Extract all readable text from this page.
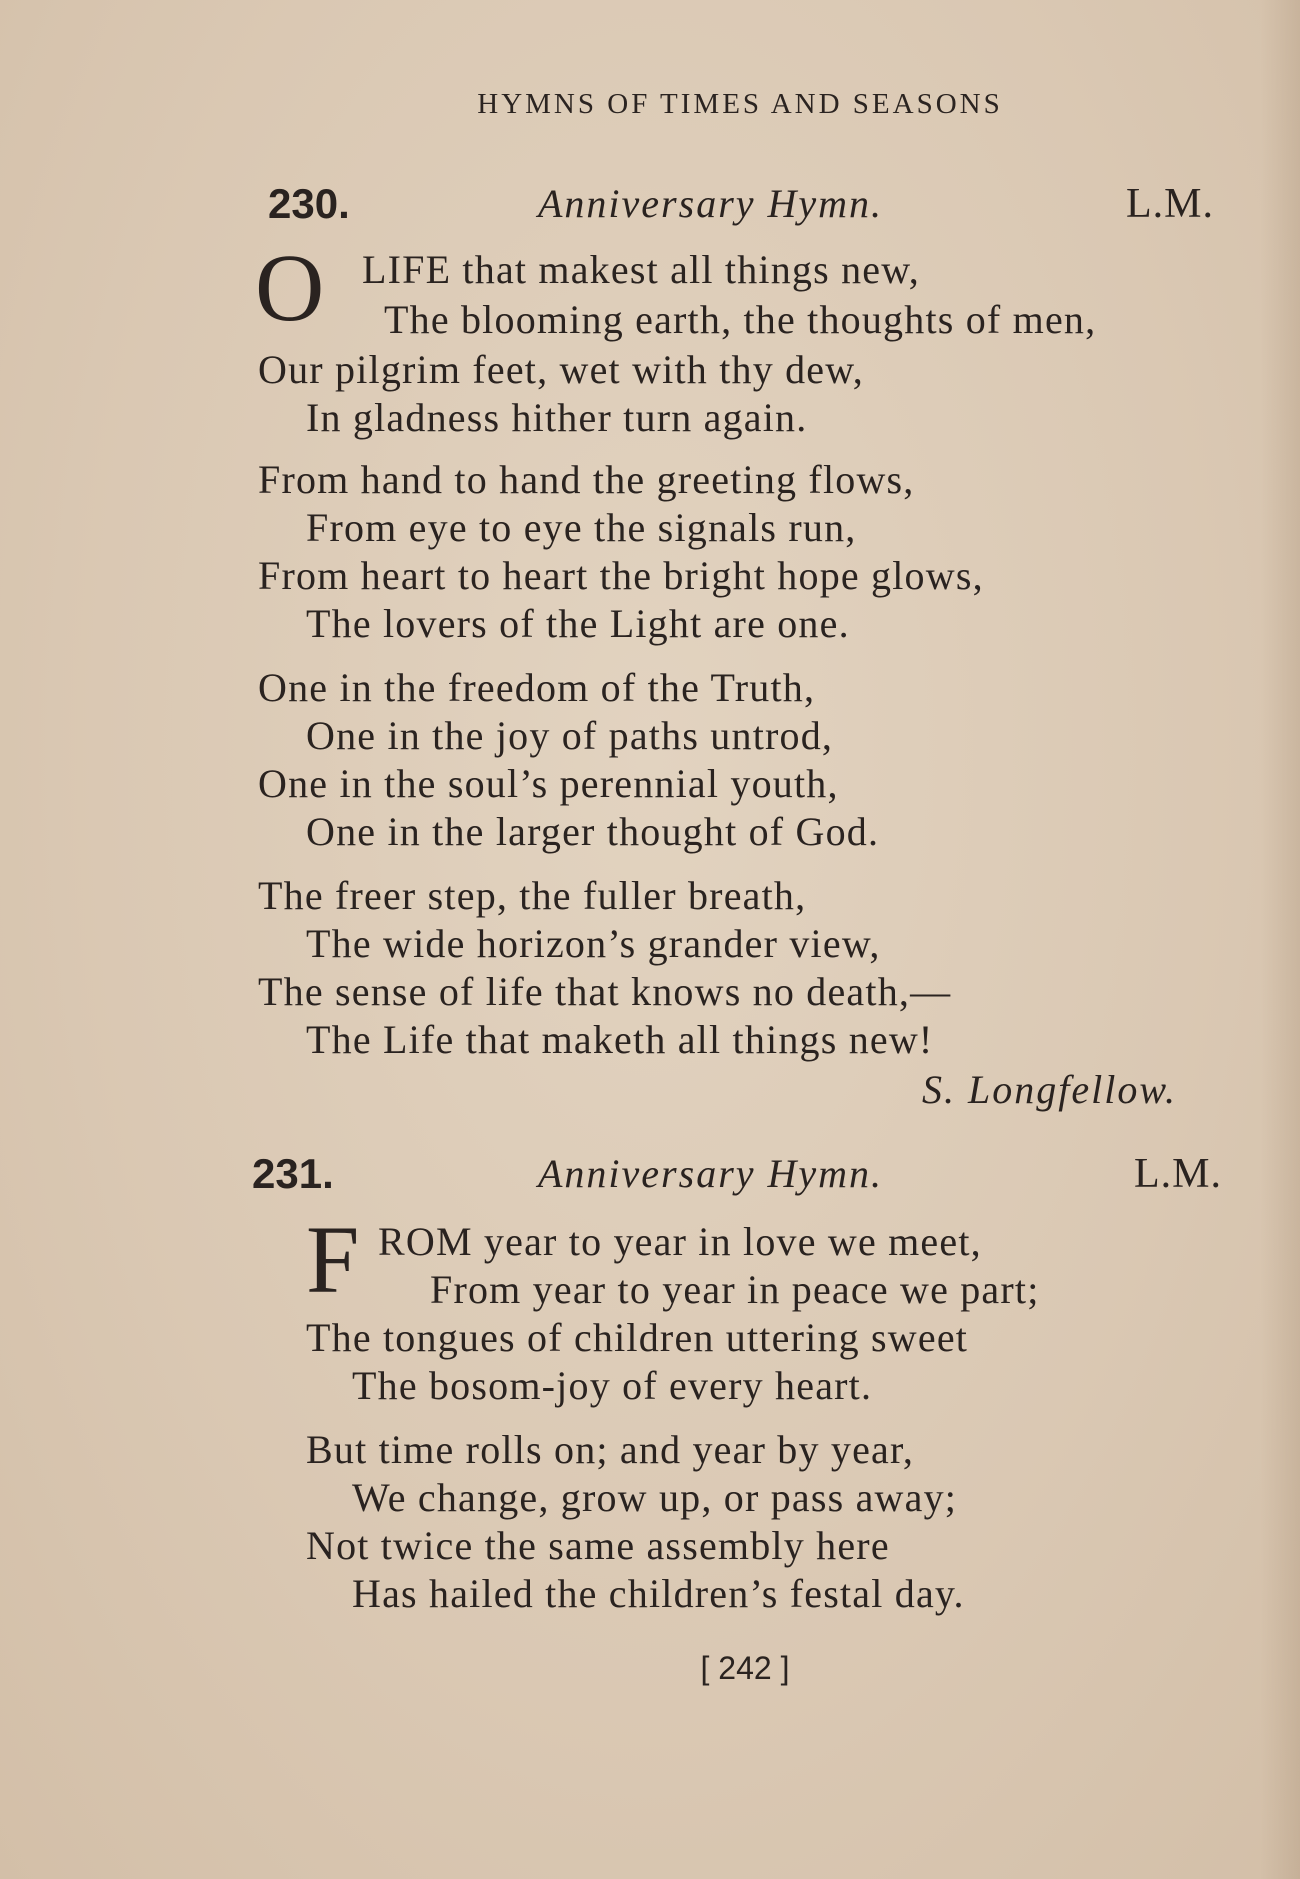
HYMNS OF TIMES AND SEASONS
230.	Anniversary Hymn.	L.M.
O LIFE that makest all things new,
The blooming earth, the thoughts of men,
Our pilgrim feet, wet with thy dew,
In gladness hither turn again.
From hand to hand the greeting flows,
From eye to eye the signals run,
From heart to heart the bright hope glows,
The lovers of the Light are one.
One in the freedom of the Truth,
One in the joy of paths untrod,
One in the soul’s perennial youth,
One in the larger thought of God.
The freer step, the fuller breath,
The wide horizon’s grander view,
The sense of life that knows no death,—
The Life that maketh all things new!
S. Longfellow.
231.	Anniversary Hymn.	L.M.
F ROM year to year in love we meet,
From year to year in peace we part;
The tongues of children uttering sweet
The bosom-joy of every heart.
But time rolls on; and year by year,
We change, grow up, or pass away;
Not twice the same assembly here
Has hailed the children’s festal day.
[ 242 ]
